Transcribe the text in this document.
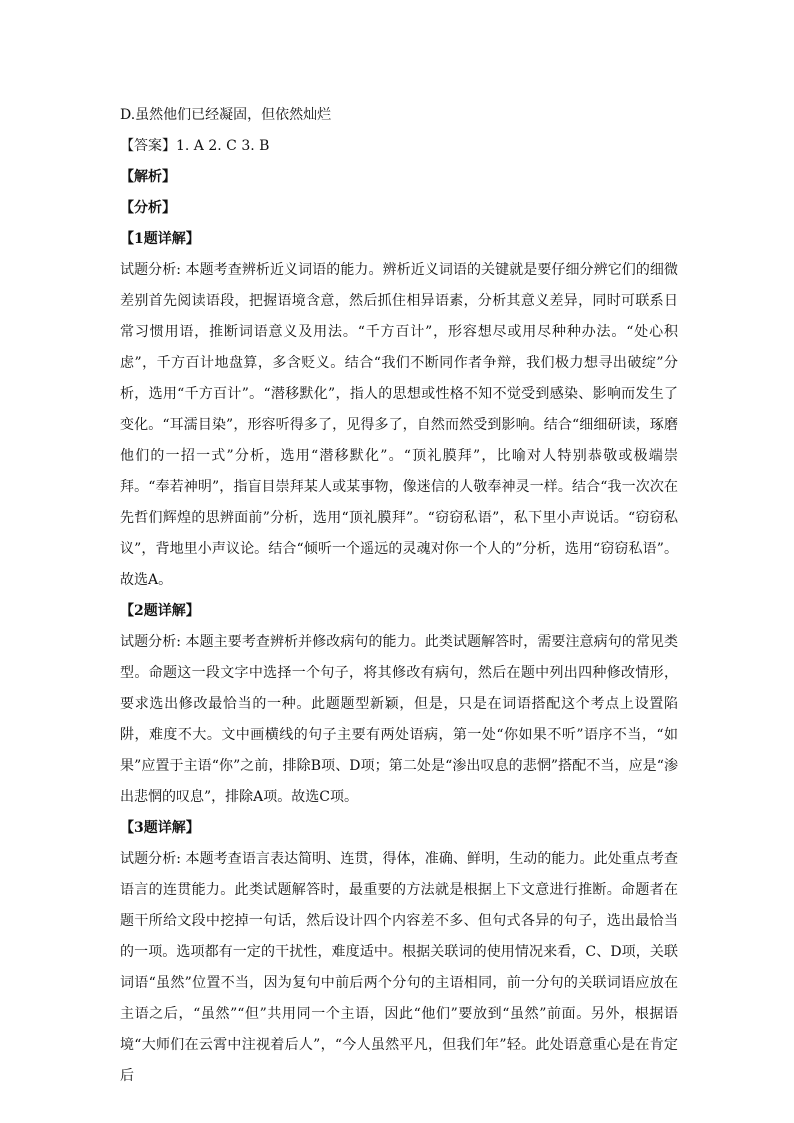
D.虽然他们已经凝固，但依然灿烂
【答案】1. A 2. C 3. B
【解析】
【分析】
【1题详解】
试题分析: 本题考查辨析近义词语的能力。辨析近义词语的关键就是要仔细分辨它们的细微差别首先阅读语段，把握语境含意，然后抓住相异语素，分析其意义差异，同时可联系日常习惯用语，推断词语意义及用法。“千方百计”，形容想尽或用尽种种办法。“处心积虑”，千方百计地盘算，多含贬义。结合“我们不断同作者争辩，我们极力想寻出破绽”分析，选用“千方百计”。“潜移默化”，指人的思想或性格不知不觉受到感染、影响而发生了变化。“耳濡目染”，形容听得多了，见得多了，自然而然受到影响。结合“细细研读，琢磨他们的一招一式”分析，选用“潜移默化”。“顶礼膜拜”，比喻对人特别恭敬或极端崇拜。“奉若神明”，指盲目崇拜某人或某事物，像迷信的人敬奉神灵一样。结合“我一次次在先哲们辉煌的思辨面前”分析，选用“顶礼膜拜”。“窃窃私语”，私下里小声说话。“窃窃私议”，背地里小声议论。结合“倾听一个遥远的灵魂对你一个人的”分析，选用“窃窃私语”。故选A。
【2题详解】
试题分析: 本题主要考查辨析并修改病句的能力。此类试题解答时，需要注意病句的常见类型。命题这一段文字中选择一个句子，将其修改有病句，然后在题中列出四种修改情形，要求选出修改最恰当的一种。此题题型新颖，但是，只是在词语搭配这个考点上设置陷阱，难度不大。文中画横线的句子主要有两处语病，第一处“你如果不听”语序不当，“如果”应置于主语“你”之前，排除B项、D项；第二处是“渗出叹息的悲惘”搭配不当，应是“渗出悲惘的叹息”，排除A项。故选C项。
【3题详解】
试题分析: 本题考查语言表达简明、连贯，得体，准确、鲜明，生动的能力。此处重点考查语言的连贯能力。此类试题解答时，最重要的方法就是根据上下文意进行推断。命题者在题干所给文段中挖掉一句话，然后设计四个内容差不多、但句式各异的句子，选出最恰当的一项。选项都有一定的干扰性，难度适中。根据关联词的使用情况来看，C、D项，关联词语“虽然”位置不当，因为复句中前后两个分句的主语相同，前一分句的关联词语应放在主语之后，“虽然”“但”共用同一个主语，因此“他们”要放到“虽然”前面。另外，根据语境“大师们在云霄中注视着后人”，“今人虽然平凡，但我们年”轻。此处语意重心是在肯定后
